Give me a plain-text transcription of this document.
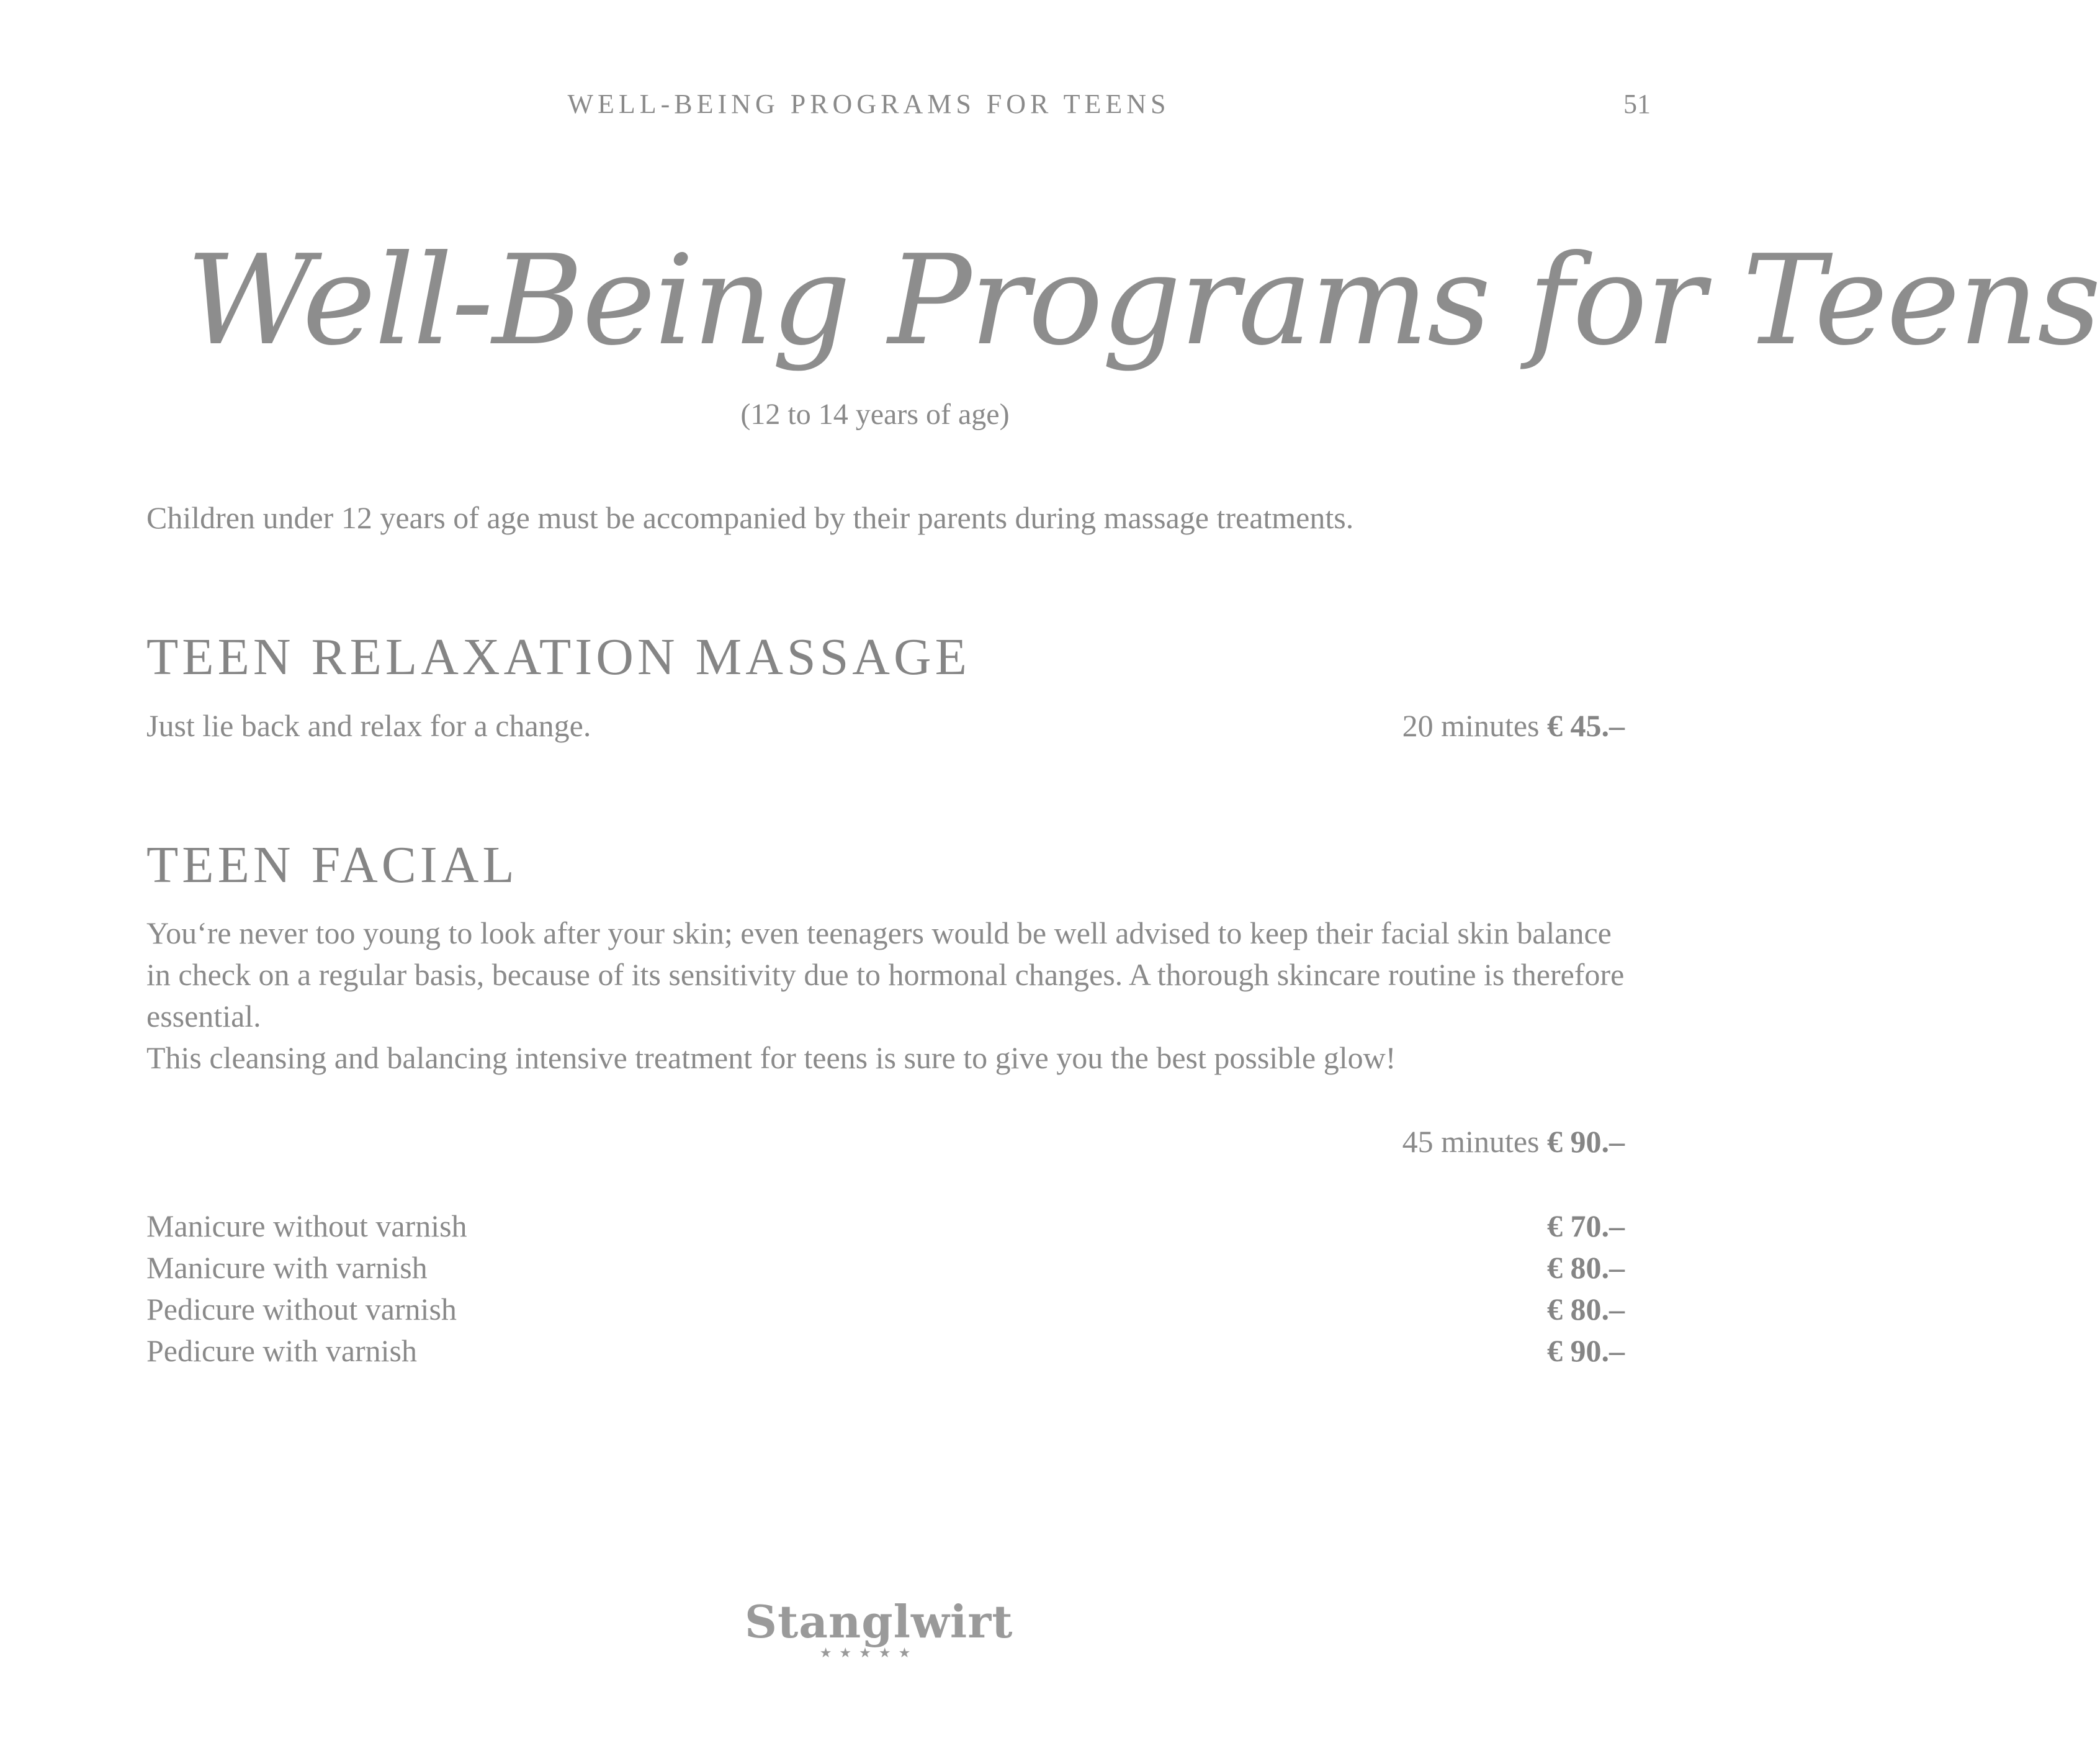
WELL-BEING PROGRAMS FOR TEENS	51
Well-Being Programs for Teens
(12 to 14 years of age)
Children under 12 years of age must be accompanied by their parents during massage treatments.
TEEN RELAXATION MASSAGE
Just lie back and relax for a change.	20 minutes € 45.–
TEEN FACIAL

You‘re never too young to look after your skin; even teenagers would be well advised to keep their facial skin balance in check on a regular basis, because of its sensitivity due to hormonal changes. A thorough skincare routine is therefore essential.

This cleansing and balancing intensive treatment for teens is sure to give you the best possible glow!

45 minutes € 90.–
Manicure without varnish	€ 70.–
Manicure with varnish	€ 80.–
Pedicure without varnish	€ 80.–
Pedicure with varnish	€ 90.–
Stanglwirt
★★★★★
